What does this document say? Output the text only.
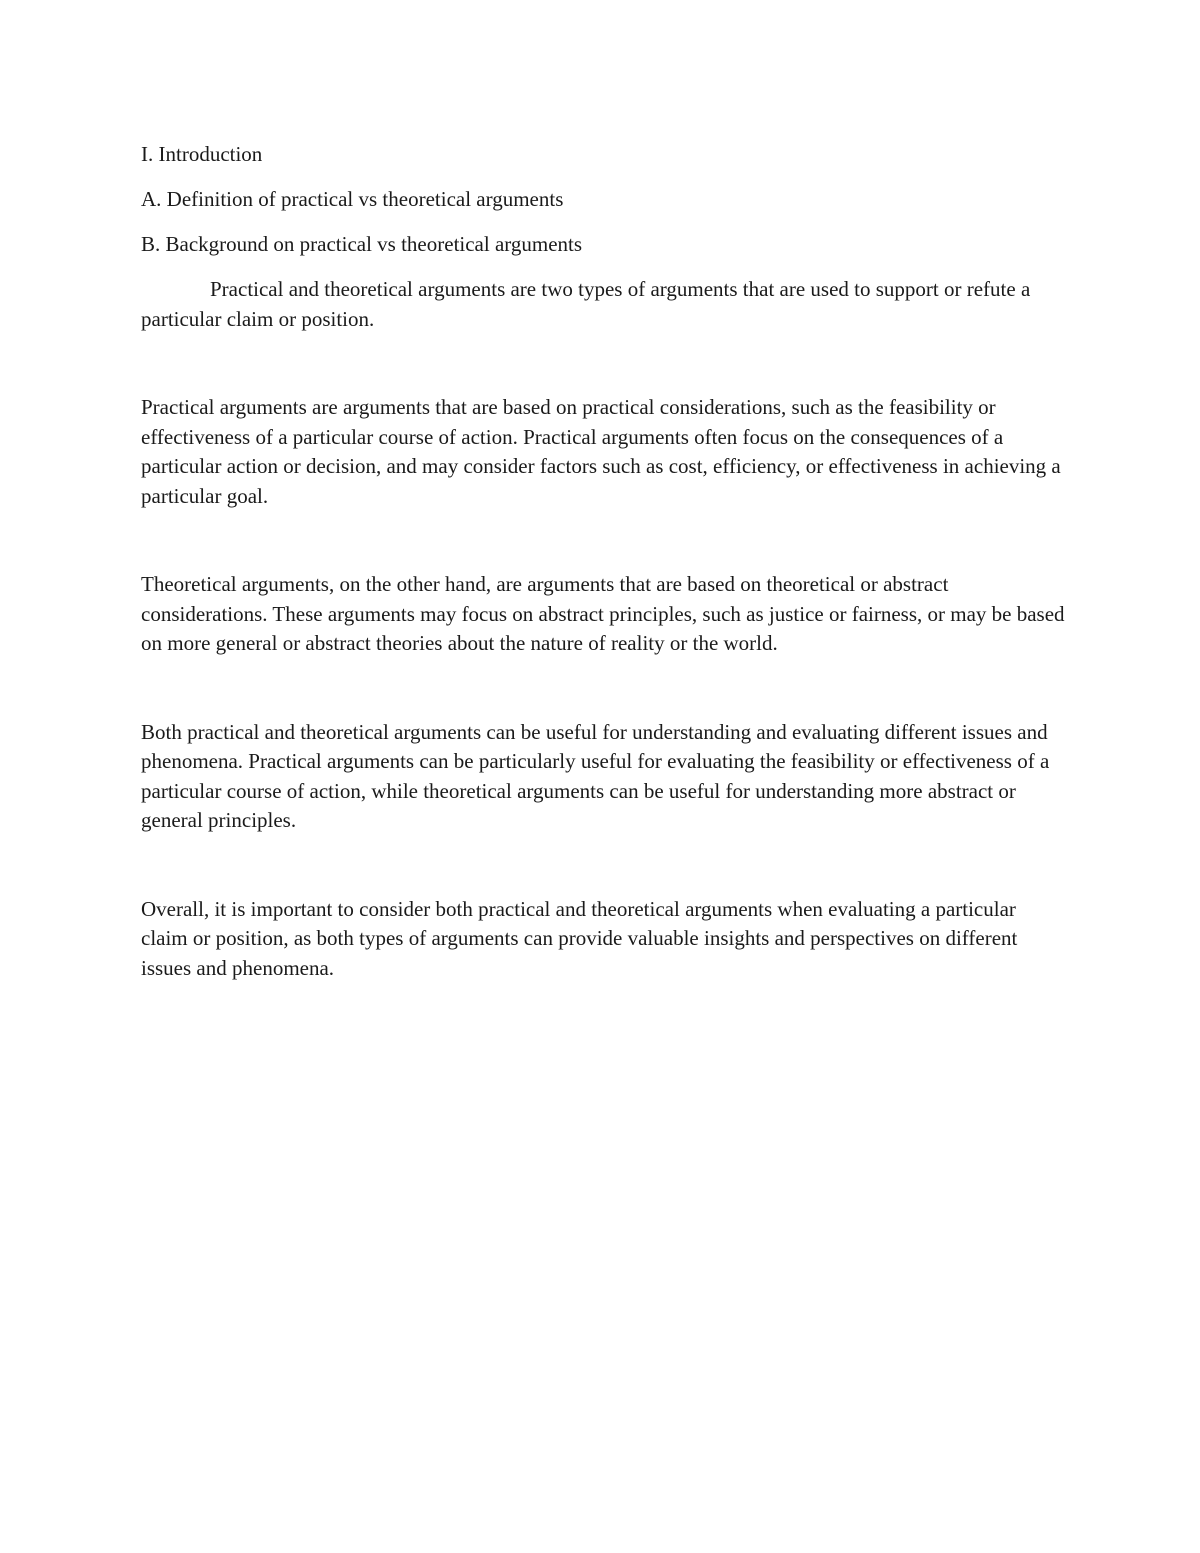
I. Introduction

A. Definition of practical vs theoretical arguments

B. Background on practical vs theoretical arguments

Practical and theoretical arguments are two types of arguments that are used to support or refute a particular claim or position.

Practical arguments are arguments that are based on practical considerations, such as the feasibility or effectiveness of a particular course of action. Practical arguments often focus on the consequences of a particular action or decision, and may consider factors such as cost, efficiency, or effectiveness in achieving a particular goal.

Theoretical arguments, on the other hand, are arguments that are based on theoretical or abstract considerations. These arguments may focus on abstract principles, such as justice or fairness, or may be based on more general or abstract theories about the nature of reality or the world.

Both practical and theoretical arguments can be useful for understanding and evaluating different issues and phenomena. Practical arguments can be particularly useful for evaluating the feasibility or effectiveness of a particular course of action, while theoretical arguments can be useful for understanding more abstract or general principles.

Overall, it is important to consider both practical and theoretical arguments when evaluating a particular claim or position, as both types of arguments can provide valuable insights and perspectives on different issues and phenomena.
